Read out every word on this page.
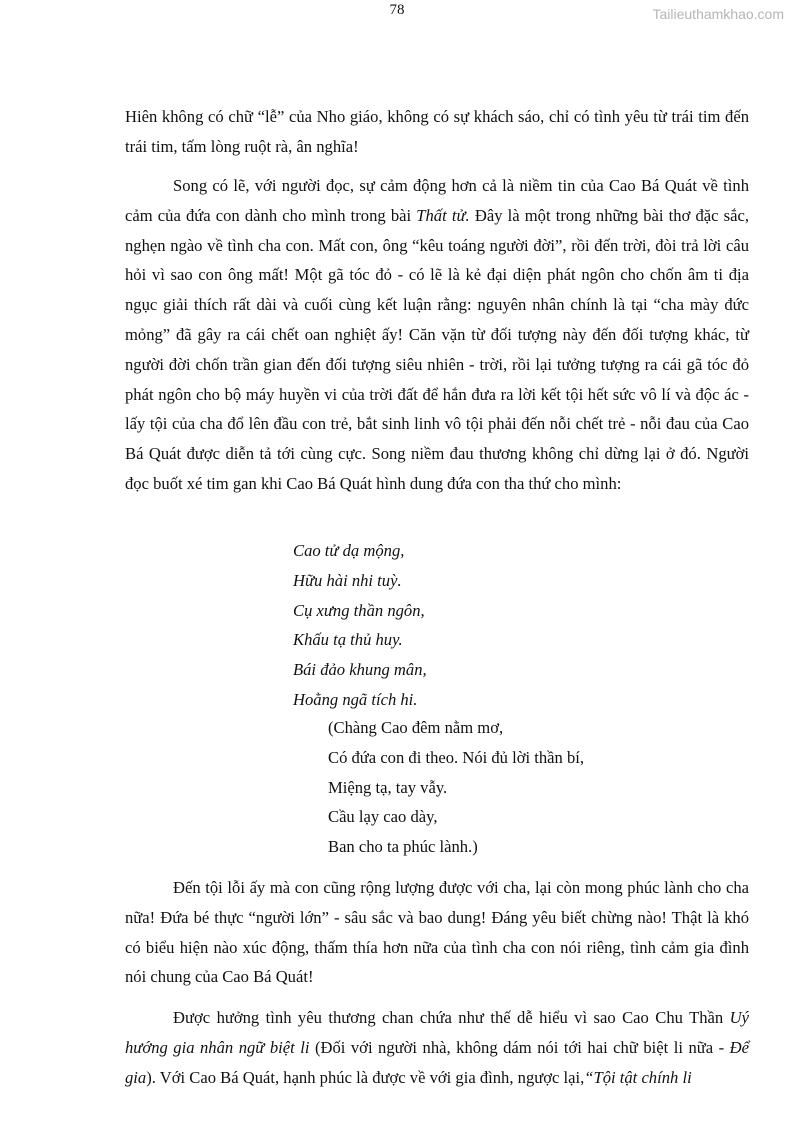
78	Tailieuthamkhao.com

Hiên không có chữ “lễ” của Nho giáo, không có sự khách sáo, chỉ có tình yêu từ trái tim đến trái tim, tấm lòng ruột rà, ân nghĩa!

Song có lẽ, với người đọc, sự cảm động hơn cả là niềm tin của Cao Bá Quát về tình cảm của đứa con dành cho mình trong bài Thất tử. Đây là một trong những bài thơ đặc sắc, nghẹn ngào về tình cha con. Mất con, ông “kêu toáng người đời”, rồi đến trời, đòi trả lời câu hỏi vì sao con ông mất! Một gã tóc đỏ - có lẽ là kẻ đại diện phát ngôn cho chốn âm ti địa ngục giải thích rất dài và cuối cùng kết luận rằng: nguyên nhân chính là tại “cha mày đức mỏng” đã gây ra cái chết oan nghiệt ấy! Căn vặn từ đối tượng này đến đối tượng khác, từ người đời chốn trần gian đến đối tượng siêu nhiên - trời, rồi lại tưởng tượng ra cái gã tóc đỏ phát ngôn cho bộ máy huyền vi của trời đất để hắn đưa ra lời kết tội hết sức vô lí và độc ác - lấy tội của cha đổ lên đầu con trẻ, bắt sinh linh vô tội phải đến nỗi chết trẻ - nỗi đau của Cao Bá Quát được diễn tả tới cùng cực. Song niềm đau thương không chỉ dừng lại ở đó. Người đọc buốt xé tim gan khi Cao Bá Quát hình dung đứa con tha thứ cho mình:

Cao tử dạ mộng,
Hữu hài nhi tuỳ.
Cụ xưng thần ngôn,
Khấu tạ thủ huy.
Bái đảo khung mân,
Hoằng ngã tích hi.
(Chàng Cao đêm nằm mơ,
Có đứa con đi theo. Nói đủ lời thần bí,
Miệng tạ, tay vẫy.
Cầu lạy cao dày,
Ban cho ta phúc lành.)

Đến tội lỗi ấy mà con cũng rộng lượng được với cha, lại còn mong phúc lành cho cha nữa! Đứa bé thực “người lớn” - sâu sắc và bao dung! Đáng yêu biết chừng nào! Thật là khó có biểu hiện nào xúc động, thấm thía hơn nữa của tình cha con nói riêng, tình cảm gia đình nói chung của Cao Bá Quát!

Được hưởng tình yêu thương chan chứa như thế dễ hiểu vì sao Cao Chu Thần Uý hướng gia nhân ngữ biệt li (Đối với người nhà, không dám nói tới hai chữ biệt li nữa - Để gia). Với Cao Bá Quát, hạnh phúc là được về với gia đình, ngược lại,“Tội tật chính li
